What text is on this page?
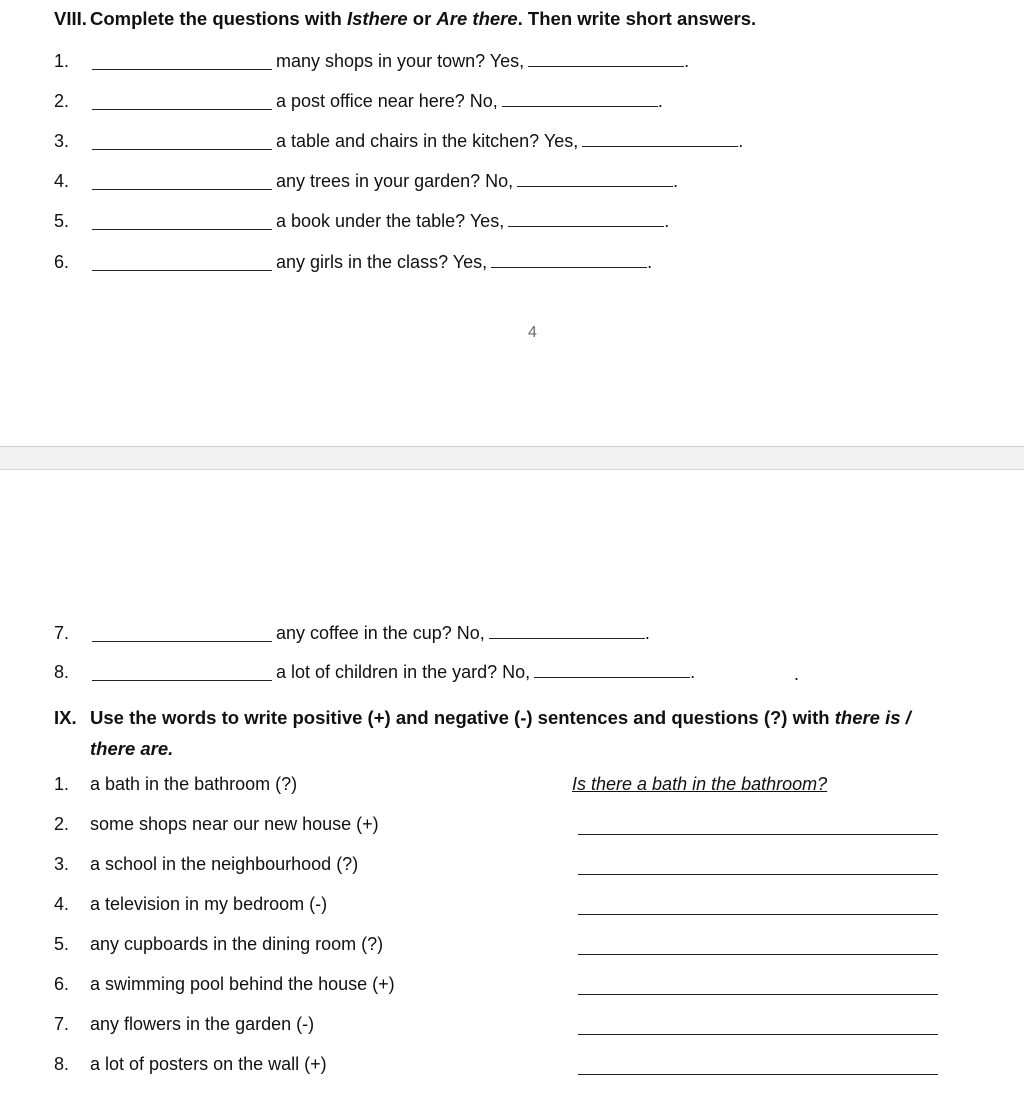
VIII. Complete the questions with Isthere or Are there. Then write short answers.
1.	many shops in your town? Yes,	.
2.	a post office near here? No,	.
3.	a table and chairs in the kitchen? Yes,	.
4.	any trees in your garden? No,	.
5.	a book under the table? Yes,	.
6.	any girls in the class? Yes,	.
4
7.	any coffee in the cup? No,	.
8.	a lot of children in the yard? No,	.	.
IX. Use the words to write positive (+) and negative (-) sentences and questions (?) with there is /
there are.
1. a bath in the bathroom (?)	Is there a bath in the bathroom?
2. some shops near our new house (+)
3. a school in the neighbourhood (?)
4. a television in my bedroom (-)
5. any cupboards in the dining room (?)
6. a swimming pool behind the house (+)
7. any flowers in the garden (-)
8. a lot of posters on the wall (+)
